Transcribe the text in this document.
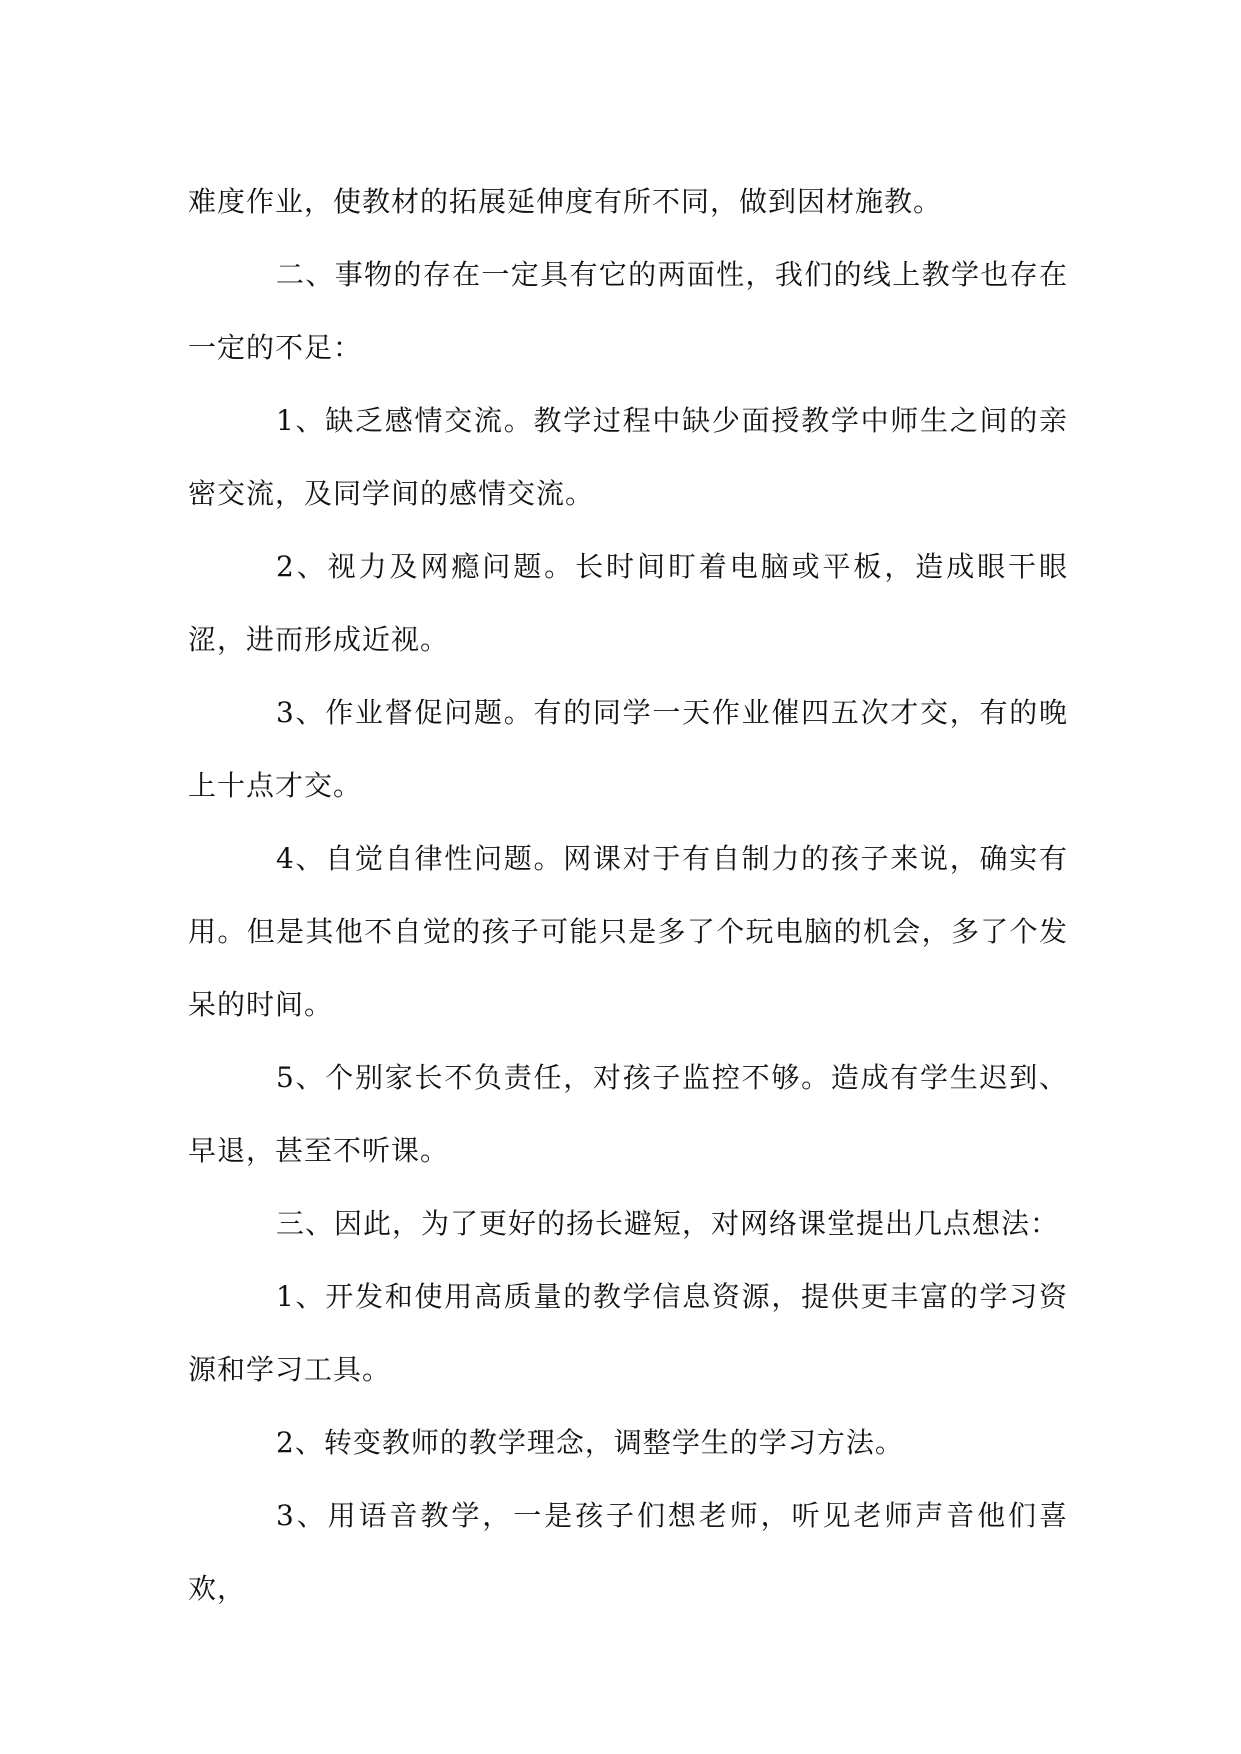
难度作业，使教材的拓展延伸度有所不同，做到因材施教。

二、事物的存在一定具有它的两面性，我们的线上教学也存在一定的不足：

1、缺乏感情交流。教学过程中缺少面授教学中师生之间的亲密交流，及同学间的感情交流。

2、视力及网瘾问题。长时间盯着电脑或平板，造成眼干眼涩，进而形成近视。

3、作业督促问题。有的同学一天作业催四五次才交，有的晚上十点才交。

4、自觉自律性问题。网课对于有自制力的孩子来说，确实有用。但是其他不自觉的孩子可能只是多了个玩电脑的机会，多了个发呆的时间。

5、个别家长不负责任，对孩子监控不够。造成有学生迟到、早退，甚至不听课。

三、因此，为了更好的扬长避短，对网络课堂提出几点想法：

1、开发和使用高质量的教学信息资源，提供更丰富的学习资源和学习工具。

2、转变教师的教学理念，调整学生的学习方法。

3、用语音教学，一是孩子们想老师，听见老师声音他们喜欢，
